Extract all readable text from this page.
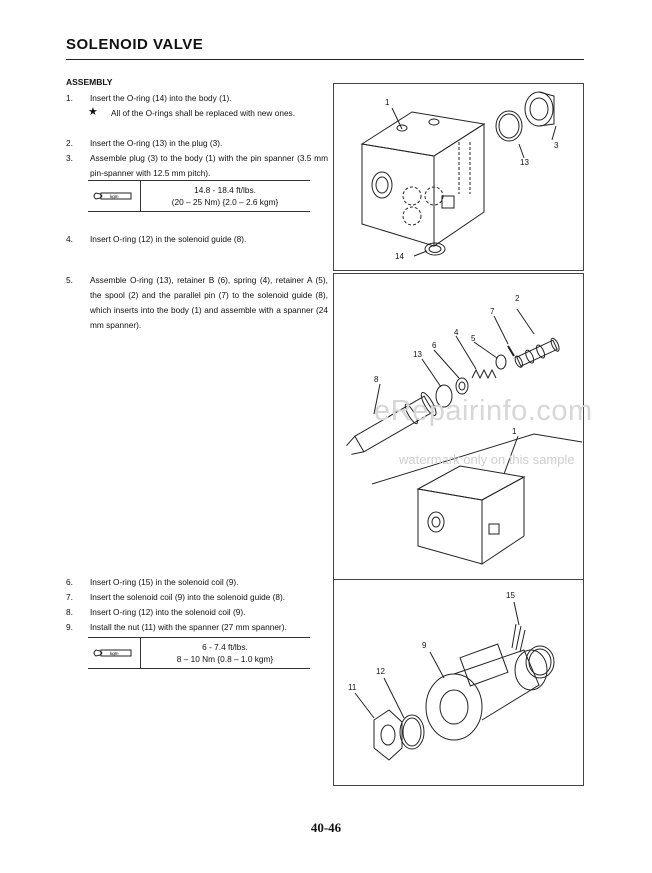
SOLENOID VALVE
ASSEMBLY
1. Insert the O-ring (14) into the body (1).
★ All of the O-rings shall be replaced with new ones.
2. Insert the O-ring (13) in the plug (3).
3. Assemble plug (3) to the body (1) with the pin spanner (3.5 mm pin-spanner with 12.5 mm pitch).
kgm
14.8 - 18.4 ft/lbs.
(20 – 25 Nm) {2.0 – 2.6 kgm}
4. Insert O-ring (12) in the solenoid guide (8).
5. Assemble O-ring (13), retainer B (6), spring (4), retainer A (5), the spool (2) and the parallel pin (7) to the solenoid guide (8), which inserts into the body (1) and assemble with a spanner (24 mm spanner).
6. Insert O-ring (15) in the solenoid coil (9).
7. Insert the solenoid coil (9) into the solenoid guide (8).
8. Insert O-ring (12) into the solenoid coil (9).
9. Install the nut (11) with the spanner (27 mm spanner).
kgm
6 - 7.4 ft/lbs.
8 – 10 Nm {0.8 – 1.0 kgm}
1
3
13
14
2
7
4
6
5
13
8
1
15
9
12
11
eRepairinfo.com
watermark only on this sample
40-46
